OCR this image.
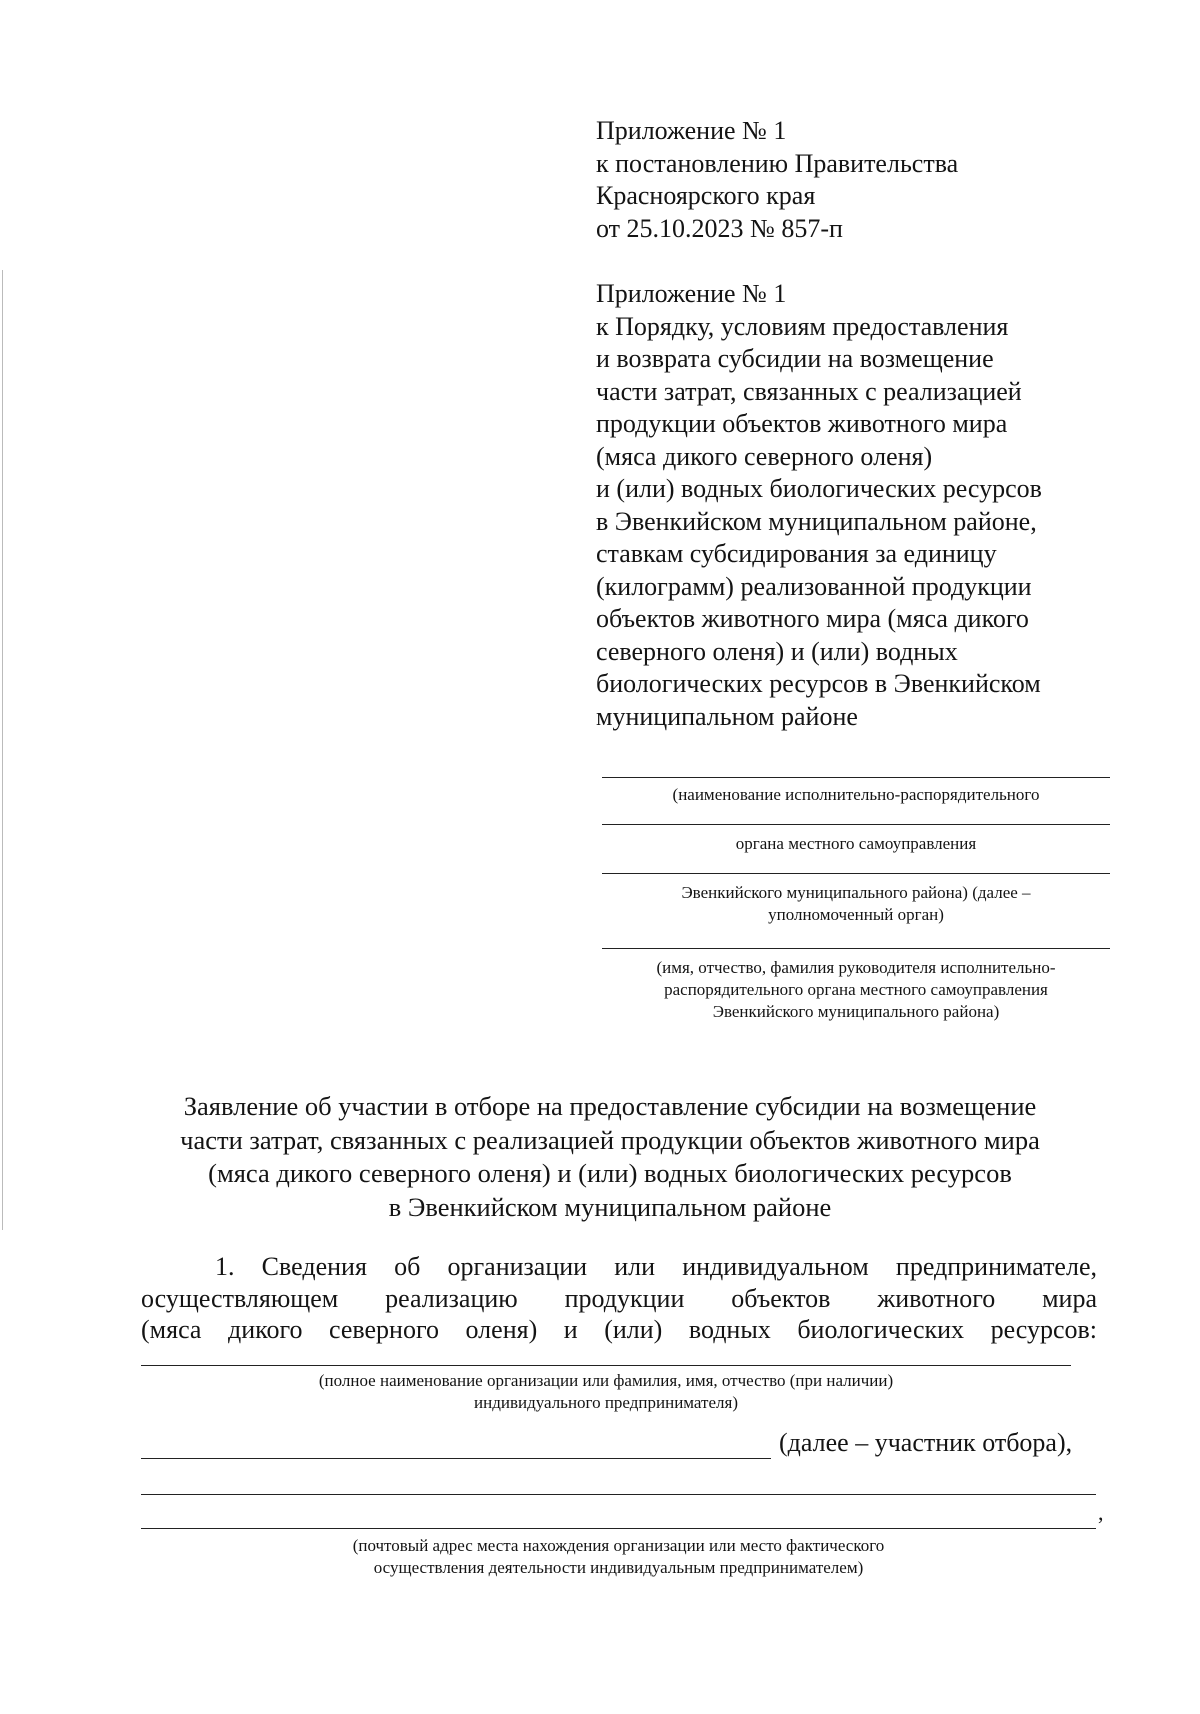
Приложение № 1
к постановлению Правительства
Красноярского края
от 25.10.2023 № 857-п
Приложение № 1
к Порядку, условиям предоставления
и возврата субсидии на возмещение
части затрат, связанных с реализацией
продукции объектов животного мира
(мяса дикого северного оленя)
и (или) водных биологических ресурсов
в Эвенкийском муниципальном районе,
ставкам субсидирования за единицу
(килограмм) реализованной продукции
объектов животного мира (мяса дикого
северного оленя) и (или) водных
биологических ресурсов в Эвенкийском
муниципальном районе
(наименование исполнительно-распорядительного
органа местного самоуправления
Эвенкийского муниципального района) (далее –
уполномоченный орган)
(имя, отчество, фамилия руководителя исполнительно-
распорядительного органа местного самоуправления
Эвенкийского муниципального района)
Заявление об участии в отборе на предоставление субсидии на возмещение
части затрат, связанных с реализацией продукции объектов животного мира
(мяса дикого северного оленя) и (или) водных биологических ресурсов
в Эвенкийском муниципальном районе
1. Сведения об организации или индивидуальном предпринимателе,
осуществляющем реализацию продукции объектов животного мира
(мяса дикого северного оленя) и (или) водных биологических ресурсов:
(полное наименование организации или фамилия, имя, отчество (при наличии)
индивидуального предпринимателя)
(далее – участник отбора),
,
(почтовый адрес места нахождения организации или место фактического
осуществления деятельности индивидуальным предпринимателем)
